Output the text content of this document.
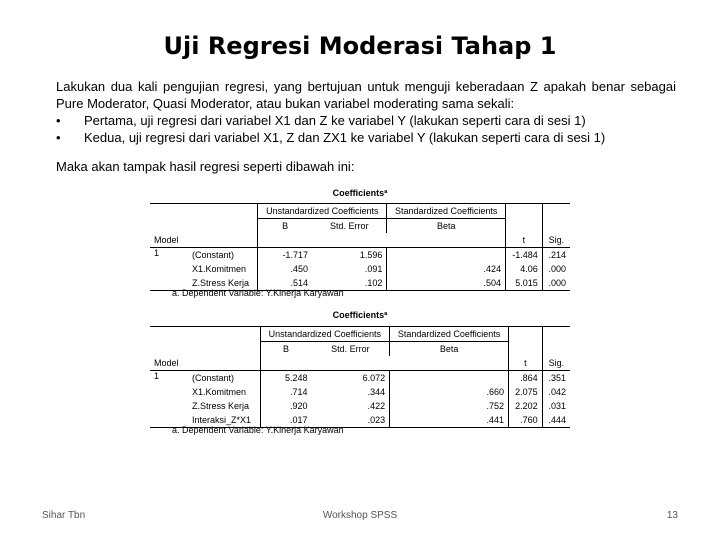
Uji Regresi Moderasi Tahap 1
Lakukan dua kali pengujian regresi, yang bertujuan untuk menguji keberadaan Z apakah benar sebagai Pure Moderator, Quasi Moderator, atau bukan variabel moderating sama sekali:
•	Pertama, uji regresi dari variabel X1 dan Z ke variabel Y (lakukan seperti cara di sesi 1)
•	Kedua, uji regresi dari variabel X1, Z dan ZX1 ke variabel Y (lakukan seperti cara di sesi 1)
Maka akan tampak hasil regresi seperti dibawah ini:
Coefficientsª
		Unstandardized Coefficients		Standardized Coefficients		
		B	Std. Error	Beta		
Model					t	Sig.
1	(Constant)	-1.717	1.596		-1.484	.214
	X1.Komitmen	.450	.091	.424	4.06	.000
	Z.Stress Kerja	.514	.102	.504	5.015	.000
a. Dependent Variable: Y.Kinerja Karyawan
Coefficientsª
		Unstandardized Coefficients		Standardized Coefficients		
		B	Std. Error	Beta		
Model					t	Sig.
1	(Constant)	5.248	6.072		.864	.351
	X1.Komitmen	.714	.344	.660	2.075	.042
	Z.Stress Kerja	.920	.422	.752	2.202	.031
	Interaksi_Z*X1	.017	.023	.441	.760	.444
a. Dependent Variable: Y.Kinerja Karyawan
Sihar Tbn	Workshop SPSS	13
